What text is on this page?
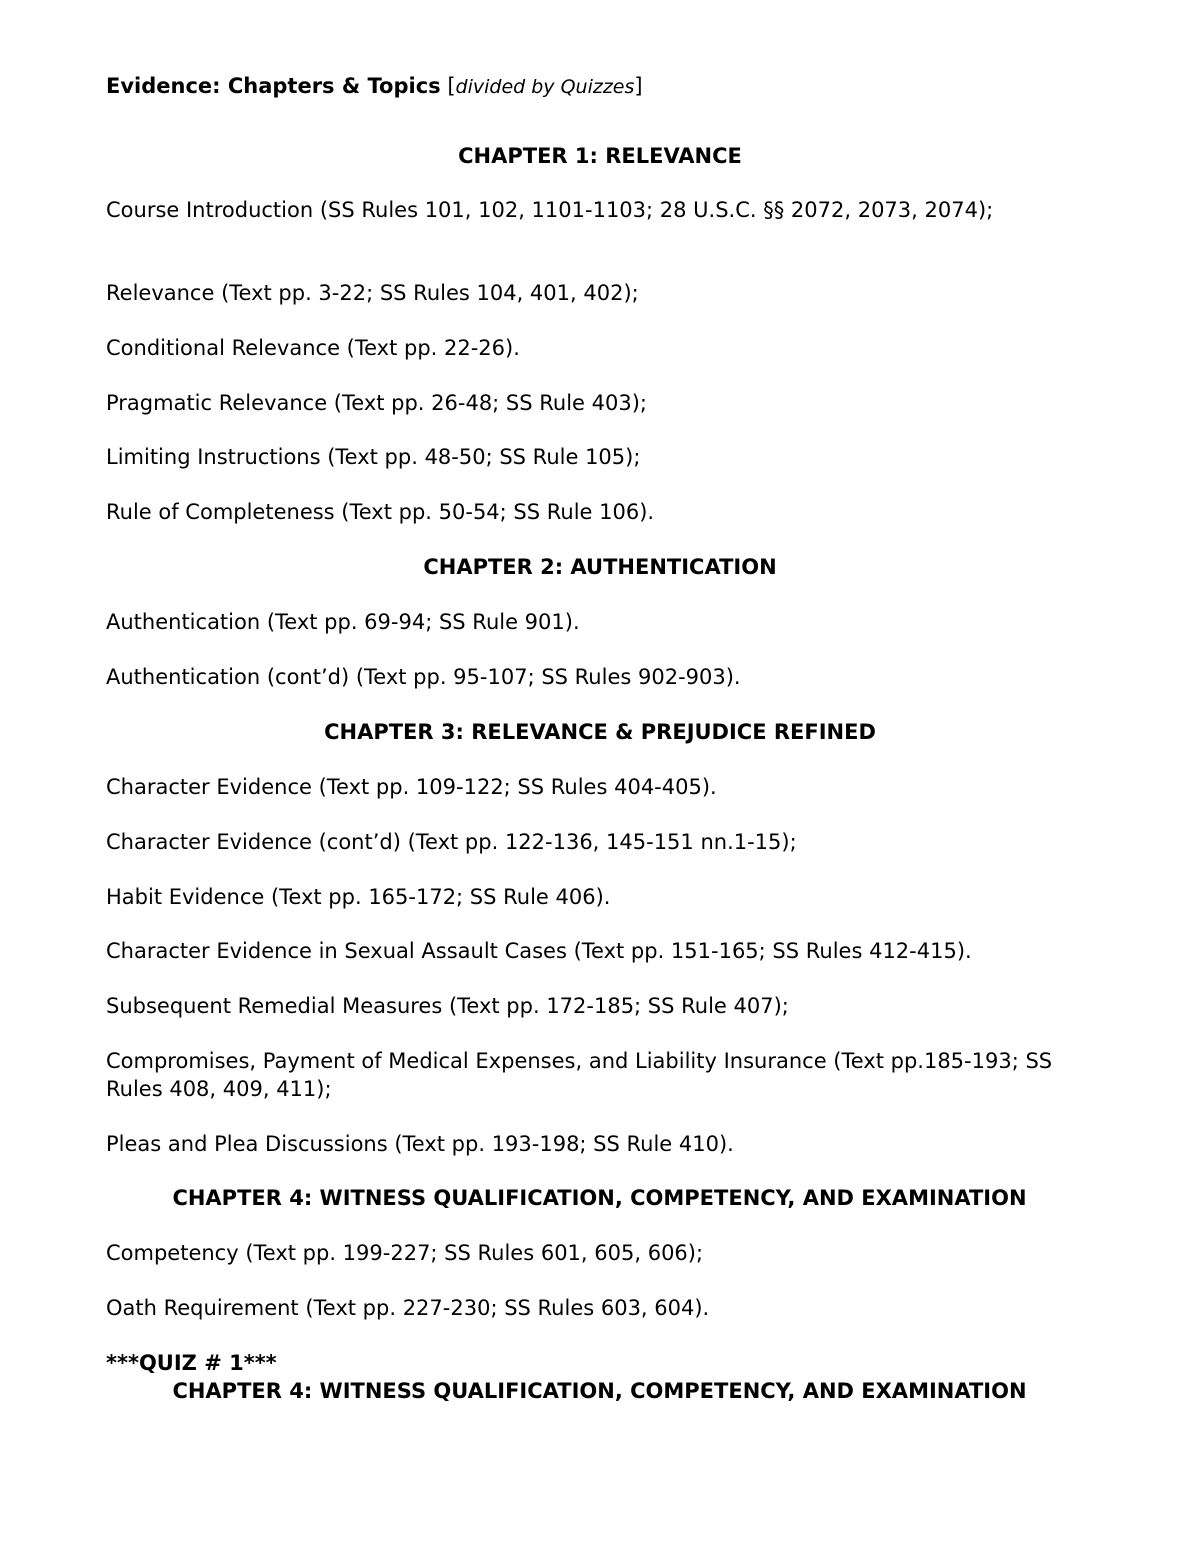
Evidence: Chapters & Topics [divided by Quizzes]
CHAPTER 1: RELEVANCE
Course Introduction (SS Rules 101, 102, 1101-1103; 28 U.S.C. §§ 2072, 2073, 2074);
Relevance (Text pp. 3-22; SS Rules 104, 401, 402);
Conditional Relevance (Text pp. 22-26).
Pragmatic Relevance (Text pp. 26-48; SS Rule 403);
Limiting Instructions (Text pp. 48-50; SS Rule 105);
Rule of Completeness (Text pp. 50-54; SS Rule 106).
CHAPTER 2: AUTHENTICATION
Authentication (Text pp. 69-94; SS Rule 901).
Authentication (cont’d) (Text pp. 95-107; SS Rules 902-903).
CHAPTER 3: RELEVANCE & PREJUDICE REFINED
Character Evidence (Text pp. 109-122; SS Rules 404-405).
Character Evidence (cont’d) (Text pp. 122-136, 145-151 nn.1-15);
Habit Evidence (Text pp. 165-172; SS Rule 406).
Character Evidence in Sexual Assault Cases (Text pp. 151-165; SS Rules 412-415).
Subsequent Remedial Measures (Text pp. 172-185; SS Rule 407);
Compromises, Payment of Medical Expenses, and Liability Insurance (Text pp.185-193; SS Rules 408, 409, 411);
Pleas and Plea Discussions (Text pp. 193-198; SS Rule 410).
CHAPTER 4: WITNESS QUALIFICATION, COMPETENCY, AND EXAMINATION
Competency (Text pp. 199-227; SS Rules 601, 605, 606);
Oath Requirement (Text pp. 227-230; SS Rules 603, 604).
***QUIZ # 1***
CHAPTER 4: WITNESS QUALIFICATION, COMPETENCY, AND EXAMINATION
